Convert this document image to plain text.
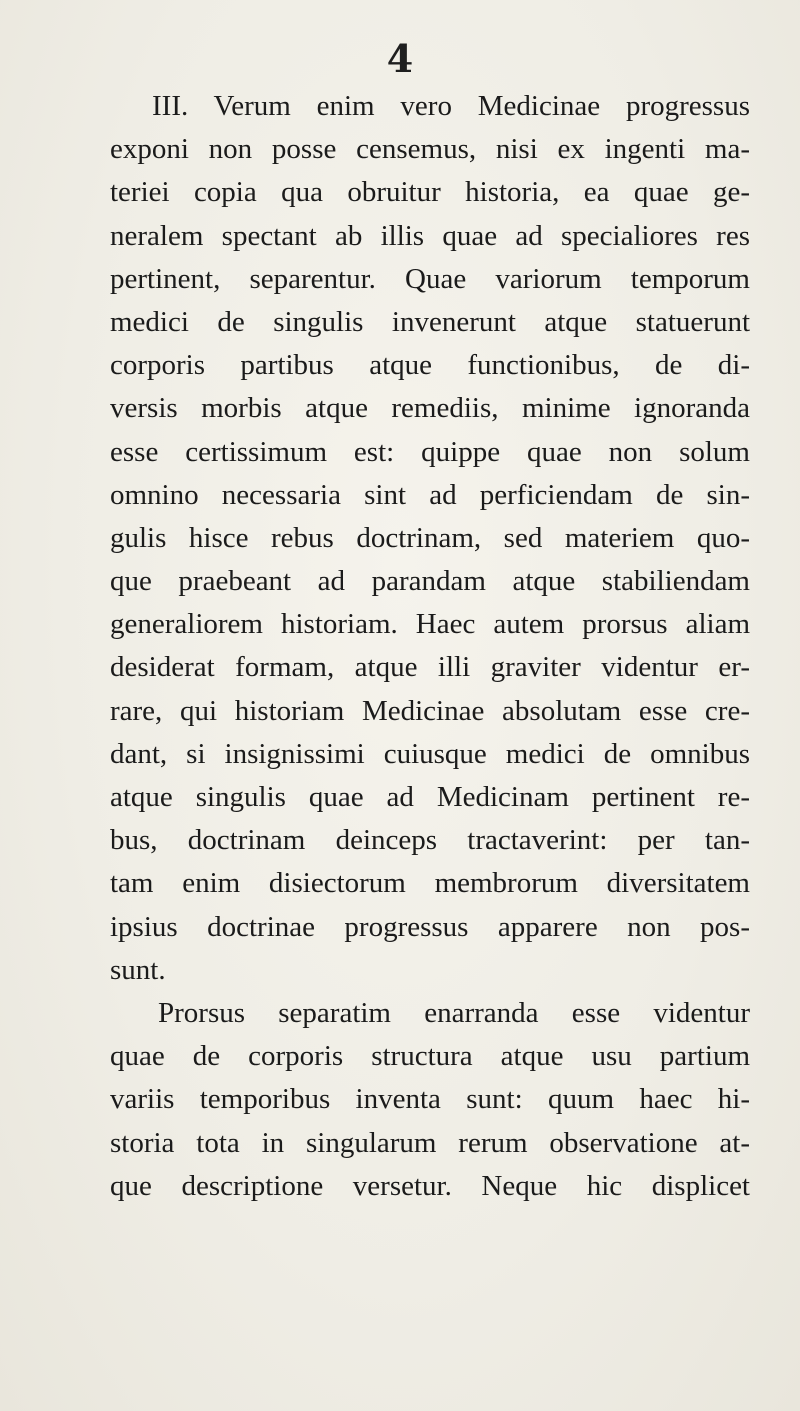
4
III. Verum enim vero Medicinae progressus
exponi non posse censemus, nisi ex ingenti ma-
teriei copia qua obruitur historia, ea quae ge-
neralem spectant ab illis quae ad specialiores res
pertinent, separentur. Quae variorum temporum
medici de singulis invenerunt atque statuerunt
corporis partibus atque functionibus, de di-
versis morbis atque remediis, minime ignoranda
esse certissimum est: quippe quae non solum
omnino necessaria sint ad perficiendam de sin-
gulis hisce rebus doctrinam, sed materiem quo-
que praebeant ad parandam atque stabiliendam
generaliorem historiam. Haec autem prorsus aliam
desiderat formam, atque illi graviter videntur er-
rare, qui historiam Medicinae absolutam esse cre-
dant, si insignissimi cuiusque medici de omnibus
atque singulis quae ad Medicinam pertinent re-
bus, doctrinam deinceps tractaverint: per tan-
tam enim disiectorum membrorum diversitatem
ipsius doctrinae progressus apparere non pos-
sunt.
Prorsus separatim enarranda esse videntur
quae de corporis structura atque usu partium
variis temporibus inventa sunt: quum haec hi-
storia tota in singularum rerum observatione at-
que descriptione versetur. Neque hic displicet
